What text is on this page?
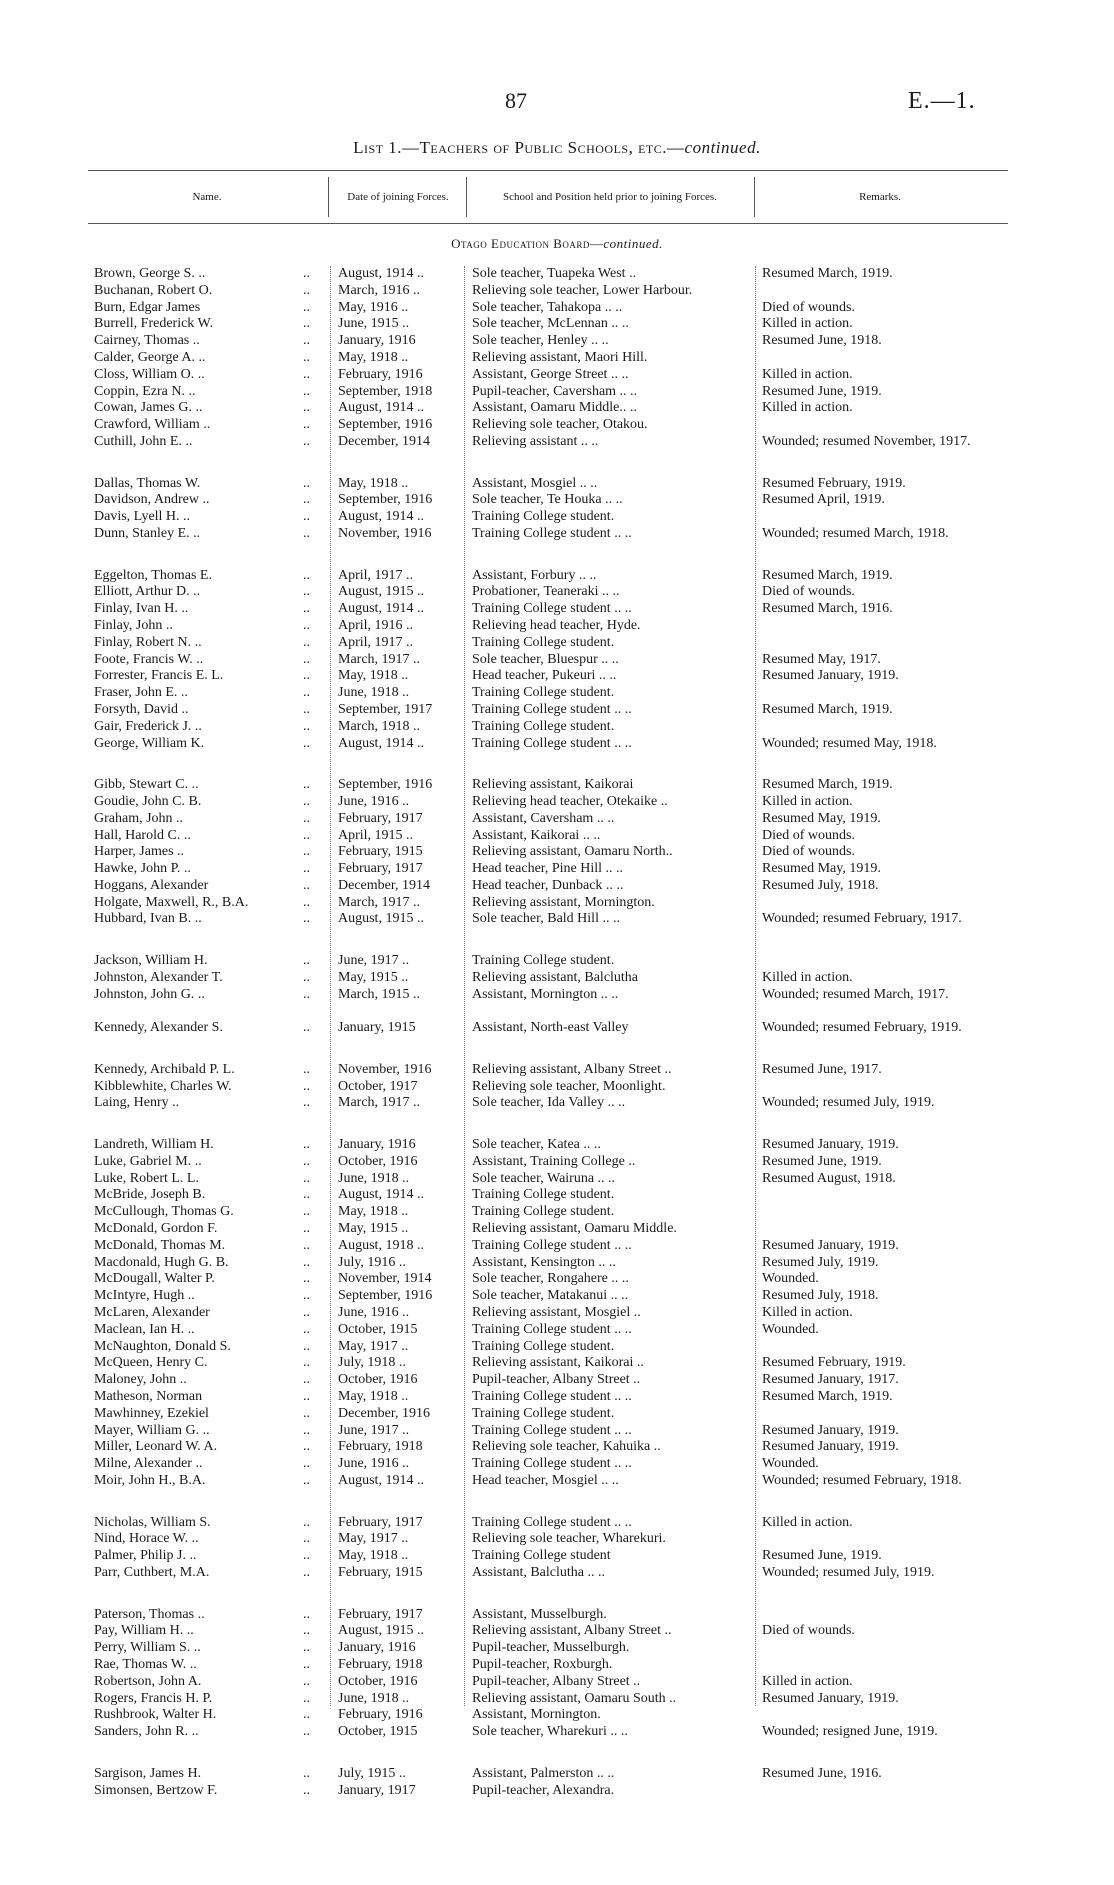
87	E.—1.
List 1.—Teachers of Public Schools, etc.—continued.
Name.	Date of joining Forces.	School and Position held prior to joining Forces.	Remarks.
Otago Education Board—continued.
Brown, George S. ..	..	August, 1914 ..	Sole teacher, Tuapeka West ..	Resumed March, 1919.
Buchanan, Robert O.	..	March, 1916 ..	Relieving sole teacher, Lower Harbour.
Burn, Edgar James	..	May, 1916 ..	Sole teacher, Tahakopa .. ..	Died of wounds.
Burrell, Frederick W.	..	June, 1915 ..	Sole teacher, McLennan .. ..	Killed in action.
Cairney, Thomas ..	..	January, 1916	Sole teacher, Henley .. ..	Resumed June, 1918.
Calder, George A. ..	..	May, 1918 ..	Relieving assistant, Maori Hill.
Closs, William O. ..	..	February, 1916	Assistant, George Street .. ..	Killed in action.
Coppin, Ezra N. ..	..	September, 1918	Pupil-teacher, Caversham .. ..	Resumed June, 1919.
Cowan, James G. ..	..	August, 1914 ..	Assistant, Oamaru Middle.. ..	Killed in action.
Crawford, William ..	..	September, 1916	Relieving sole teacher, Otakou.
Cuthill, John E. ..	..	December, 1914	Relieving assistant .. ..	Wounded; resumed November, 1917.
Dallas, Thomas W.	..	May, 1918 ..	Assistant, Mosgiel .. ..	Resumed February, 1919.
Davidson, Andrew ..	..	September, 1916	Sole teacher, Te Houka .. ..	Resumed April, 1919.
Davis, Lyell H. ..	..	August, 1914 ..	Training College student.
Dunn, Stanley E. ..	..	November, 1916	Training College student .. ..	Wounded; resumed March, 1918.
Eggelton, Thomas E.	..	April, 1917 ..	Assistant, Forbury .. ..	Resumed March, 1919.
Elliott, Arthur D. ..	..	August, 1915 ..	Probationer, Teaneraki .. ..	Died of wounds.
Finlay, Ivan H. ..	..	August, 1914 ..	Training College student .. ..	Resumed March, 1916.
Finlay, John ..	..	April, 1916 ..	Relieving head teacher, Hyde.
Finlay, Robert N. ..	..	April, 1917 ..	Training College student.
Foote, Francis W. ..	..	March, 1917 ..	Sole teacher, Bluespur .. ..	Resumed May, 1917.
Forrester, Francis E. L.	..	May, 1918 ..	Head teacher, Pukeuri .. ..	Resumed January, 1919.
Fraser, John E. ..	..	June, 1918 ..	Training College student.
Forsyth, David ..	..	September, 1917	Training College student .. ..	Resumed March, 1919.
Gair, Frederick J. ..	..	March, 1918 ..	Training College student.
George, William K.	..	August, 1914 ..	Training College student .. ..	Wounded; resumed May, 1918.
Gibb, Stewart C. ..	..	September, 1916	Relieving assistant, Kaikorai	Resumed March, 1919.
Goudie, John C. B.	..	June, 1916 ..	Relieving head teacher, Otekaike ..	Killed in action.
Graham, John ..	..	February, 1917	Assistant, Caversham .. ..	Resumed May, 1919.
Hall, Harold C. ..	..	April, 1915 ..	Assistant, Kaikorai .. ..	Died of wounds.
Harper, James ..	..	February, 1915	Relieving assistant, Oamaru North..	Died of wounds.
Hawke, John P. ..	..	February, 1917	Head teacher, Pine Hill .. ..	Resumed May, 1919.
Hoggans, Alexander	..	December, 1914	Head teacher, Dunback .. ..	Resumed July, 1918.
Holgate, Maxwell, R., B.A.	..	March, 1917 ..	Relieving assistant, Mornington.
Hubbard, Ivan B. ..	..	August, 1915 ..	Sole teacher, Bald Hill .. ..	Wounded; resumed February, 1917.
Jackson, William H.	..	June, 1917 ..	Training College student.
Johnston, Alexander T.	..	May, 1915 ..	Relieving assistant, Balclutha	Killed in action.
Johnston, John G. ..	..	March, 1915 ..	Assistant, Mornington .. ..	Wounded; resumed March, 1917.
Kennedy, Alexander S.	..	January, 1915	Assistant, North-east Valley	Wounded; resumed February, 1919.
Kennedy, Archibald P. L.	..	November, 1916	Relieving assistant, Albany Street ..	Resumed June, 1917.
Kibblewhite, Charles W.	..	October, 1917	Relieving sole teacher, Moonlight.
Laing, Henry ..	..	March, 1917 ..	Sole teacher, Ida Valley .. ..	Wounded; resumed July, 1919.
Landreth, William H.	..	January, 1916	Sole teacher, Katea .. ..	Resumed January, 1919.
Luke, Gabriel M. ..	..	October, 1916	Assistant, Training College ..	Resumed June, 1919.
Luke, Robert L. L.	..	June, 1918 ..	Sole teacher, Wairuna .. ..	Resumed August, 1918.
McBride, Joseph B.	..	August, 1914 ..	Training College student.
McCullough, Thomas G.	..	May, 1918 ..	Training College student.
McDonald, Gordon F.	..	May, 1915 ..	Relieving assistant, Oamaru Middle.
McDonald, Thomas M.	..	August, 1918 ..	Training College student .. ..	Resumed January, 1919.
Macdonald, Hugh G. B.	..	July, 1916 ..	Assistant, Kensington .. ..	Resumed July, 1919.
McDougall, Walter P.	..	November, 1914	Sole teacher, Rongahere .. ..	Wounded.
McIntyre, Hugh ..	..	September, 1916	Sole teacher, Matakanui .. ..	Resumed July, 1918.
McLaren, Alexander	..	June, 1916 ..	Relieving assistant, Mosgiel ..	Killed in action.
Maclean, Ian H. ..	..	October, 1915	Training College student .. ..	Wounded.
McNaughton, Donald S.	..	May, 1917 ..	Training College student.
McQueen, Henry C.	..	July, 1918 ..	Relieving assistant, Kaikorai ..	Resumed February, 1919.
Maloney, John ..	..	October, 1916	Pupil-teacher, Albany Street ..	Resumed January, 1917.
Matheson, Norman	..	May, 1918 ..	Training College student .. ..	Resumed March, 1919.
Mawhinney, Ezekiel	..	December, 1916	Training College student.
Mayer, William G. ..	..	June, 1917 ..	Training College student .. ..	Resumed January, 1919.
Miller, Leonard W. A.	..	February, 1918	Relieving sole teacher, Kahuika ..	Resumed January, 1919.
Milne, Alexander ..	..	June, 1916 ..	Training College student .. ..	Wounded.
Moir, John H., B.A.	..	August, 1914 ..	Head teacher, Mosgiel .. ..	Wounded; resumed February, 1918.
Nicholas, William S.	..	February, 1917	Training College student .. ..	Killed in action.
Nind, Horace W. ..	..	May, 1917 ..	Relieving sole teacher, Wharekuri.
Palmer, Philip J. ..	..	May, 1918 ..	Training College student	Resumed June, 1919.
Parr, Cuthbert, M.A.	..	February, 1915	Assistant, Balclutha .. ..	Wounded; resumed July, 1919.
Paterson, Thomas ..	..	February, 1917	Assistant, Musselburgh.
Pay, William H. ..	..	August, 1915 ..	Relieving assistant, Albany Street ..	Died of wounds.
Perry, William S. ..	..	January, 1916	Pupil-teacher, Musselburgh.
Rae, Thomas W. ..	..	February, 1918	Pupil-teacher, Roxburgh.
Robertson, John A.	..	October, 1916	Pupil-teacher, Albany Street ..	Killed in action.
Rogers, Francis H. P.	..	June, 1918 ..	Relieving assistant, Oamaru South ..	Resumed January, 1919.
Rushbrook, Walter H.	..	February, 1916	Assistant, Mornington.
Sanders, John R. ..	..	October, 1915	Sole teacher, Wharekuri .. ..	Wounded; resigned June, 1919.
Sargison, James H.	..	July, 1915 ..	Assistant, Palmerston .. ..	Resumed June, 1916.
Simonsen, Bertzow F.	..	January, 1917	Pupil-teacher, Alexandra.
